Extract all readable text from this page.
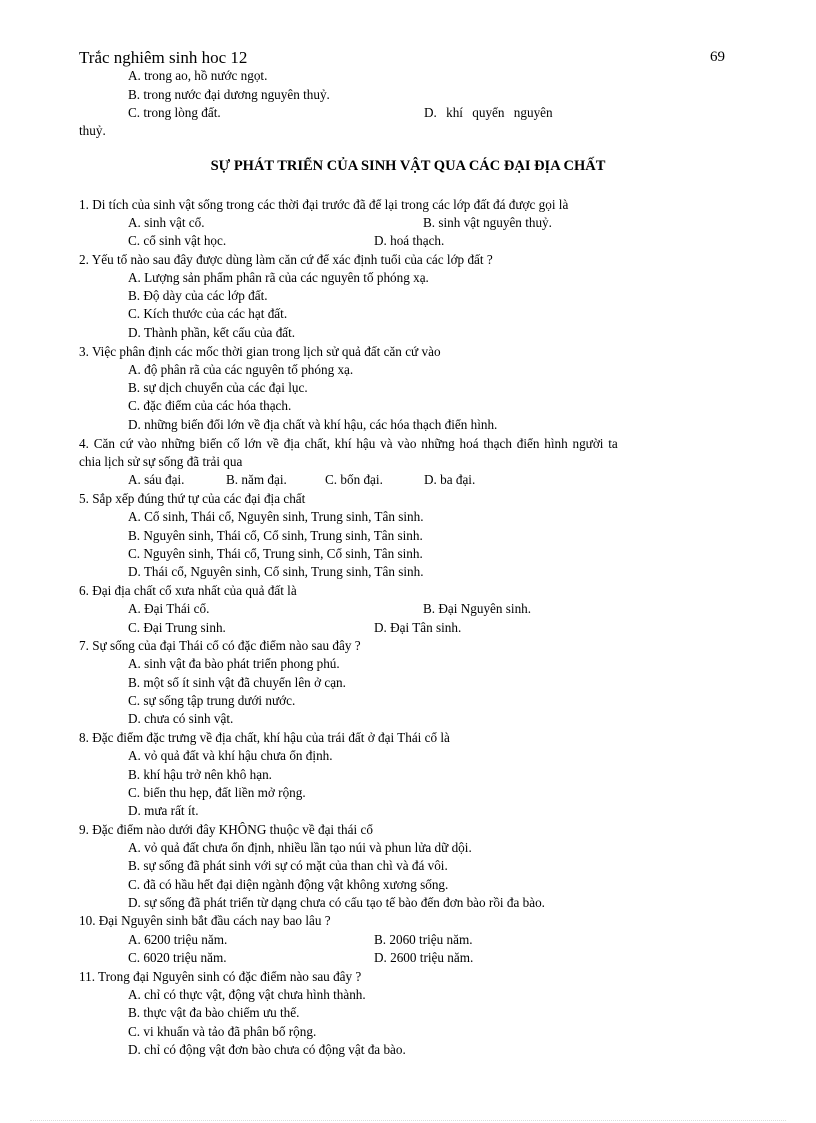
Trắc nghiêm sinh hoc 12	69
A. trong ao, hồ nước ngọt.
B. trong nước đại dương nguyên thuỷ.
C. trong lòng đất.	D. khí quyển nguyên
thuỷ.
SỰ PHÁT TRIỂN CỦA SINH VẬT QUA CÁC ĐẠI ĐỊA CHẤT
1. Di tích của sinh vật sống trong các thời đại trước đã để lại trong các lớp đất đá được gọi là
A. sinh vật cổ.	B. sinh vật nguyên thuỷ.
C. cổ sinh vật học.	D. hoá thạch.
2. Yếu tố nào sau đây được dùng làm căn cứ để xác định tuổi của các lớp đất ?
A. Lượng sản phẩm phân rã của các nguyên tố phóng xạ.
B. Độ dày của các lớp đất.
C. Kích thước của các hạt đất.
D. Thành phần, kết cấu của đất.
3. Việc phân định các mốc thời gian trong lịch sử quả đất căn cứ vào
A. độ phân rã của các nguyên tố phóng xạ.
B. sự dịch chuyển của các đại lục.
C. đặc điểm của các hóa thạch.
D. những biến đổi lớn về địa chất và khí hậu, các hóa thạch điển hình.
4. Căn cứ vào những biến cố lớn về địa chất, khí hậu và vào những hoá thạch điển hình người ta
chia lịch sử sự sống đã trải qua
A. sáu đại.	B. năm đại.	C. bốn đại.	D. ba đại.
5. Sắp xếp đúng thứ tự của các đại địa chất
A. Cổ sinh, Thái cổ, Nguyên sinh, Trung sinh, Tân sinh.
B. Nguyên sinh, Thái cổ, Cổ sinh, Trung sinh, Tân sinh.
C. Nguyên sinh, Thái cổ, Trung sinh, Cổ sinh, Tân sinh.
D. Thái cổ, Nguyên sinh, Cổ sinh, Trung sinh, Tân sinh.
6. Đại địa chất cổ xưa nhất của quả đất là
A. Đại Thái cổ.	B. Đại Nguyên sinh.
C. Đại Trung sinh.	D. Đại Tân sinh.
7. Sự sống của đại Thái cổ có đặc điểm nào sau đây ?
A. sinh vật đa bào phát triển phong phú.
B. một số ít sinh vật đã chuyển lên ở cạn.
C. sự sống tập trung dưới nước.
D. chưa có sinh vật.
8. Đặc điểm đặc trưng về địa chất, khí hậu của trái đất ở đại Thái cổ là
A. vỏ quả đất và khí hậu chưa ổn định.
B. khí hậu trở nên khô hạn.
C. biển thu hẹp, đất liền mở rộng.
D. mưa rất ít.
9. Đặc điểm nào dưới đây KHÔNG thuộc về đại thái cổ
A. vỏ quả đất chưa ổn định, nhiều lần tạo núi và phun lửa dữ dội.
B. sự sống đã phát sinh với sự có mặt của than chì và đá vôi.
C. đã có hầu hết đại diện ngành động vật không xương sống.
D. sự sống đã phát triển từ dạng chưa có cấu tạo tế bào đến đơn bào rồi đa bào.
10. Đại Nguyên sinh bắt đầu cách nay bao lâu ?
A. 6200 triệu năm.	B. 2060 triệu năm.
C. 6020 triệu năm.	D. 2600 triệu năm.
11. Trong đại Nguyên sinh có đặc điểm nào sau đây ?
A. chỉ có thực vật, động vật chưa hình thành.
B. thực vật đa bào chiếm ưu thế.
C. vi khuẩn và tảo đã phân bố rộng.
D. chỉ có động vật đơn bào chưa có động vật đa bào.
